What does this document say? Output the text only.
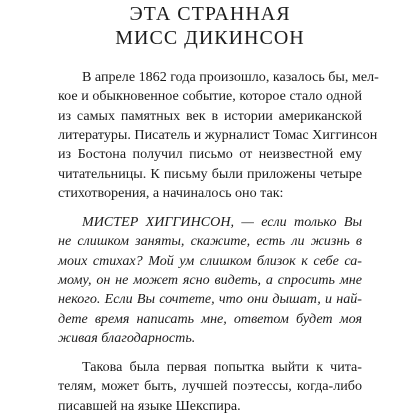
ЭТА СТРАННАЯ
МИСС ДИКИНСОН
В апреле 1862 года произошло, казалось бы, мел-
кое и обыкновенное событие, которое стало одной
из самых памятных век в истории американской
литературы. Писатель и журналист Томас Хиггинсон
из Бостона получил письмо от неизвестной ему
читательницы. К письму были приложены четыре
стихотворения, а начиналось оно так:
МИСТЕР ХИГГИНСОН, — если только Вы
не слишком заняты, скажите, есть ли жизнь в
моих стихах? Мой ум слишком близок к себе са-
мому, он не может ясно видеть, а спросить мне
некого. Если Вы сочтете, что они дышат, и най-
дете время написать мне, ответом будет моя
живая благодарность.
Такова была первая попытка выйти к чита-
телям, может быть, лучшей поэтессы, когда-либо
писавшей на языке Шекспира.
